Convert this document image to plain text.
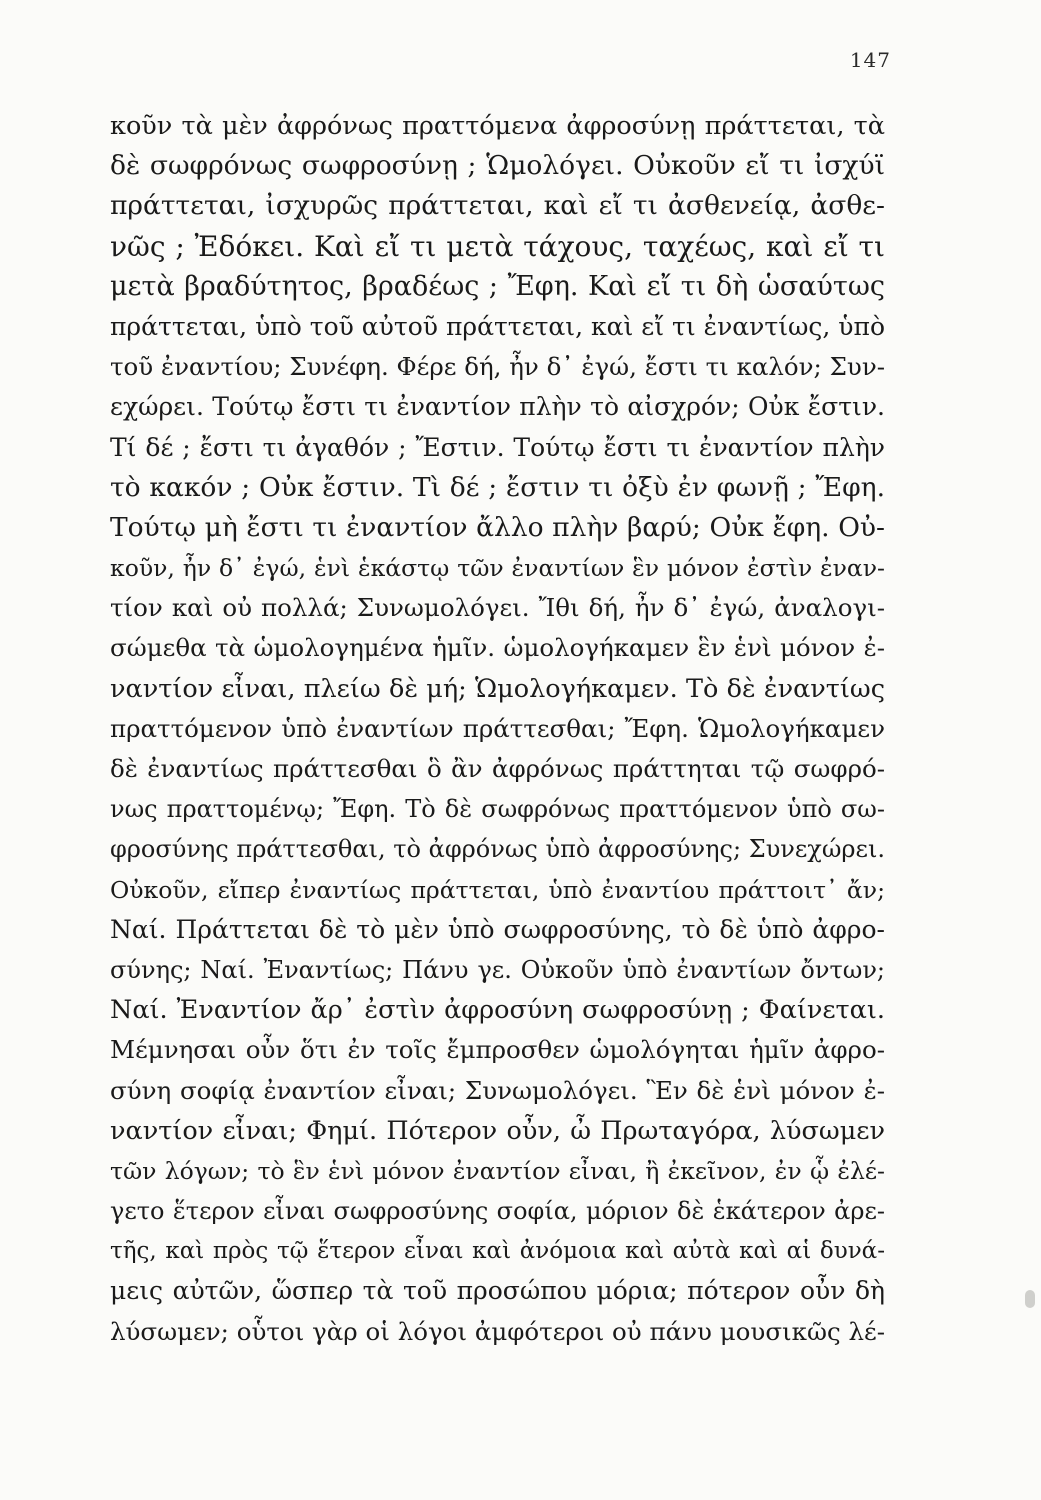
147
κοῦν τὰ μὲν ἀφρόνως πραττόμενα ἀφροσύνῃ πράττεται, τὰ
δὲ σωφρόνως σωφροσύνῃ ; Ὡμολόγει. Οὐκοῦν εἴ τι ἰσχύϊ
πράττεται, ἰσχυρῶς πράττεται, καὶ εἴ τι ἀσθενείᾳ, ἀσθε-
νῶς ; Ἐδόκει. Καὶ εἴ τι μετὰ τάχους, ταχέως, καὶ εἴ τι
μετὰ βραδύτητος, βραδέως ; Ἔφη. Καὶ εἴ τι δὴ ὡσαύτως
πράττεται, ὑπὸ τοῦ αὐτοῦ πράττεται, καὶ εἴ τι ἐναντίως, ὑπὸ
τοῦ ἐναντίου; Συνέφη. Φέρε δή, ἦν δ᾽ ἐγώ, ἔστι τι καλόν; Συν-
εχώρει. Τούτῳ ἔστι τι ἐναντίον πλὴν τὸ αἰσχρόν; Οὐκ ἔστιν.
Τί δέ ; ἔστι τι ἀγαθόν ; Ἔστιν. Τούτῳ ἔστι τι ἐναντίον πλὴν
τὸ κακόν ; Οὐκ ἔστιν. Τὶ δέ ; ἔστιν τι ὀξὺ ἐν φωνῇ ; Ἔφη.
Τούτῳ μὴ ἔστι τι ἐναντίον ἄλλο πλὴν βαρύ; Οὐκ ἔφη. Οὐ-
κοῦν, ἦν δ᾽ ἐγώ, ἑνὶ ἑκάστῳ τῶν ἐναντίων ἓν μόνον ἐστὶν ἐναν-
τίον καὶ οὐ πολλά; Συνωμολόγει. Ἴθι δή, ἦν δ᾽ ἐγώ, ἀναλογι-
σώμεθα τὰ ὡμολογημένα ἡμῖν. ὡμολογήκαμεν ἓν ἑνὶ μόνον ἐ-
ναντίον εἶναι, πλείω δὲ μή; Ὡμολογήκαμεν. Τὸ δὲ ἐναντίως
πραττόμενον ὑπὸ ἐναντίων πράττεσθαι; Ἔφη. Ὡμολογήκαμεν
δὲ ἐναντίως πράττεσθαι ὃ ἂν ἀφρόνως πράττηται τῷ σωφρό-
νως πραττομένῳ; Ἔφη. Τὸ δὲ σωφρόνως πραττόμενον ὑπὸ σω-
φροσύνης πράττεσθαι, τὸ ἀφρόνως ὑπὸ ἀφροσύνης; Συνεχώρει.
Οὐκοῦν, εἴπερ ἐναντίως πράττεται, ὑπὸ ἐναντίου πράττοιτ᾽ ἄν;
Ναί. Πράττεται δὲ τὸ μὲν ὑπὸ σωφροσύνης, τὸ δὲ ὑπὸ ἀφρο-
σύνης; Ναί. Ἐναντίως; Πάνυ γε. Οὐκοῦν ὑπὸ ἐναντίων ὄντων;
Ναί. Ἐναντίον ἄρ᾽ ἐστὶν ἀφροσύνη σωφροσύνῃ ; Φαίνεται.
Μέμνησαι οὖν ὅτι ἐν τοῖς ἔμπροσθεν ὡμολόγηται ἡμῖν ἀφρο-
σύνη σοφίᾳ ἐναντίον εἶναι; Συνωμολόγει. Ἓν δὲ ἑνὶ μόνον ἐ-
ναντίον εἶναι; Φημί. Πότερον οὖν, ὦ Πρωταγόρα, λύσωμεν
τῶν λόγων; τὸ ἓν ἑνὶ μόνον ἐναντίον εἶναι, ἢ ἐκεῖνον, ἐν ᾧ ἐλέ-
γετο ἕτερον εἶναι σωφροσύνης σοφία, μόριον δὲ ἑκάτερον ἀρε-
τῆς, καὶ πρὸς τῷ ἕτερον εἶναι καὶ ἀνόμοια καὶ αὐτὰ καὶ αἱ δυνά-
μεις αὐτῶν, ὥσπερ τὰ τοῦ προσώπου μόρια; πότερον οὖν δὴ
λύσωμεν; οὗτοι γὰρ οἱ λόγοι ἀμφότεροι οὐ πάνυ μουσικῶς λέ-
